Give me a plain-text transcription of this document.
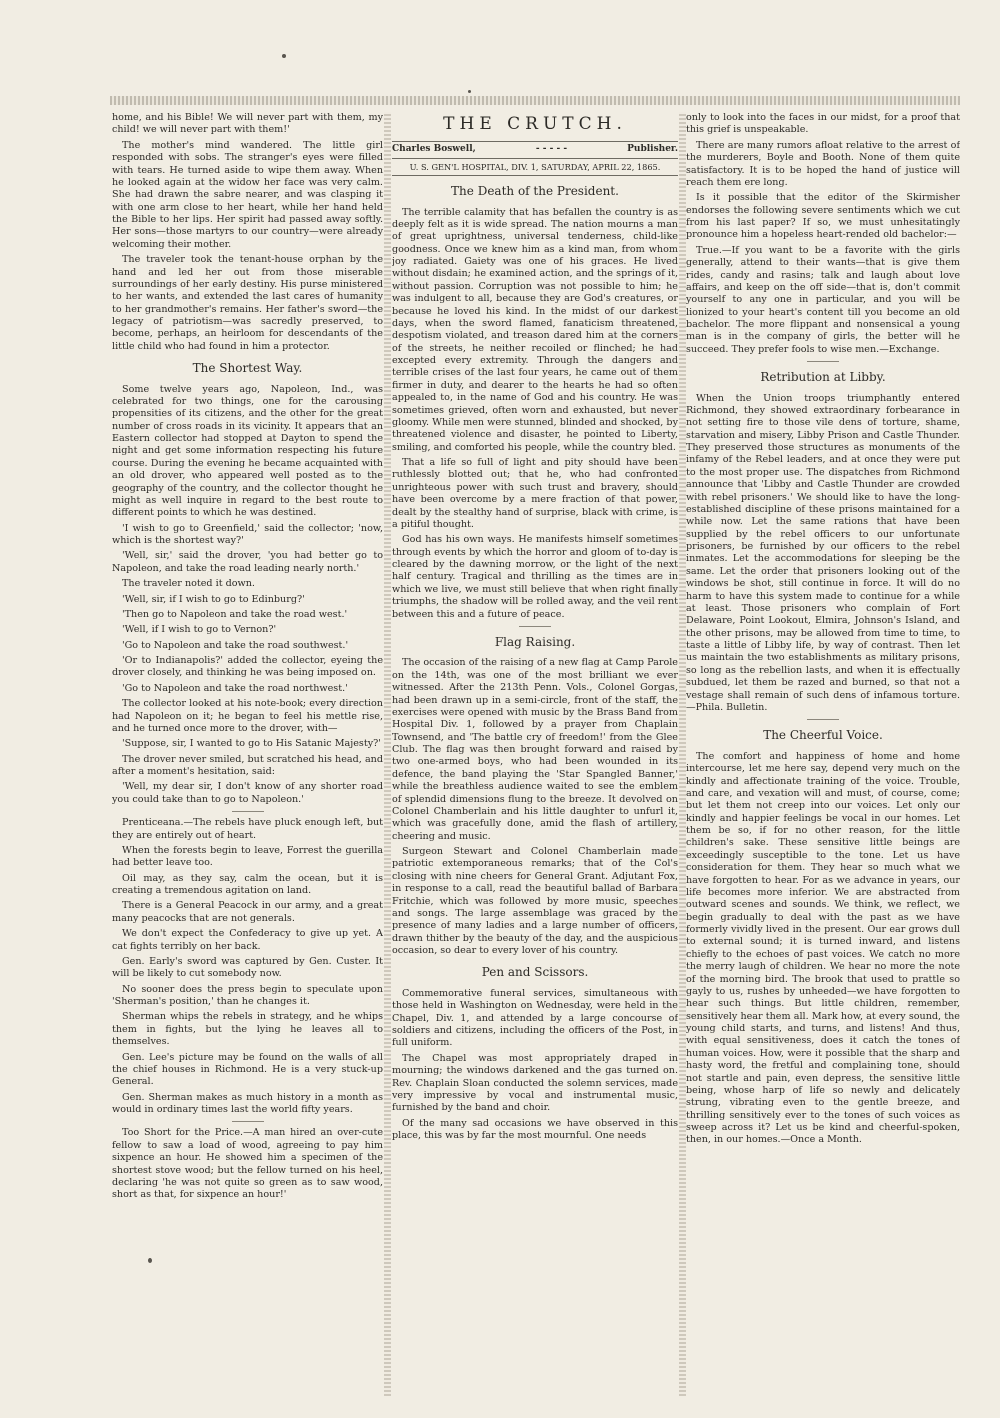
home, and his Bible! We will never part with them, my child! we will never part with them!'

The mother's mind wandered. The little girl responded with sobs. The stranger's eyes were filled with tears. He turned aside to wipe them away. When he looked again at the widow her face was very calm. She had drawn the sabre nearer, and was clasping it with one arm close to her heart, while her hand held the Bible to her lips. Her spirit had passed away softly. Her sons—those martyrs to our country—were already welcoming their mother.

The traveler took the tenant-house orphan by the hand and led her out from those miserable surroundings of her early destiny. His purse ministered to her wants, and extended the last cares of humanity to her grandmother's remains. Her father's sword—the legacy of patriotism—was sacredly preserved, to become, perhaps, an heirloom for descendants of the little child who had found in him a protector.

The Shortest Way.

Some twelve years ago, Napoleon, Ind., was celebrated for two things, one for the carousing propensities of its citizens, and the other for the great number of cross roads in its vicinity. It appears that an Eastern collector had stopped at Dayton to spend the night and get some information respecting his future course. During the evening he became acquainted with an old drover, who appeared well posted as to the geography of the country, and the collector thought he might as well inquire in regard to the best route to different points to which he was destined.

'I wish to go to Greenfield,' said the collector; 'now, which is the shortest way?'

'Well, sir,' said the drover, 'you had better go to Napoleon, and take the road leading nearly north.'

The traveler noted it down.

'Well, sir, if I wish to go to Edinburg?'

'Then go to Napoleon and take the road west.'

'Well, if I wish to go to Vernon?'

'Go to Napoleon and take the road southwest.'

'Or to Indianapolis?' added the collector, eyeing the drover closely, and thinking he was being imposed on.

'Go to Napoleon and take the road northwest.'

The collector looked at his note-book; every direction had Napoleon on it; he began to feel his mettle rise, and he turned once more to the drover, with—

'Suppose, sir, I wanted to go to His Satanic Majesty?'

The drover never smiled, but scratched his head, and after a moment's hesitation, said:

'Well, my dear sir, I don't know of any shorter road you could take than to go to Napoleon.'

Prenticeana.—The rebels have pluck enough left, but they are entirely out of heart.

When the forests begin to leave, Forrest the guerilla had better leave too.

Oil may, as they say, calm the ocean, but it is creating a tremendous agitation on land.

There is a General Peacock in our army, and a great many peacocks that are not generals.

We don't expect the Confederacy to give up yet. A cat fights terribly on her back.

Gen. Early's sword was captured by Gen. Custer. It will be likely to cut somebody now.

No sooner does the press begin to speculate upon 'Sherman's position,' than he changes it.

Sherman whips the rebels in strategy, and he whips them in fights, but the lying he leaves all to themselves.

Gen. Lee's picture may be found on the walls of all the chief houses in Richmond. He is a very stuck-up General.

Gen. Sherman makes as much history in a month as would in ordinary times last the world fifty years.

Too Short for the Price.—A man hired an over-cute fellow to saw a load of wood, agreeing to pay him sixpence an hour. He showed him a specimen of the shortest stove wood; but the fellow turned on his heel, declaring 'he was not quite so green as to saw wood, short as that, for sixpence an hour!'

THE CRUTCH.
Charles Boswell,	- - - - -	Publisher.
U. S. GEN'L HOSPITAL, DIV. 1, SATURDAY, APRIL 22, 1865.
The Death of the President.

The terrible calamity that has befallen the country is as deeply felt as it is wide spread. The nation mourns a man of great uprightness, universal tenderness, child-like goodness. Once we knew him as a kind man, from whom joy radiated. Gaiety was one of his graces. He lived without disdain; he examined action, and the springs of it, without passion. Corruption was not possible to him; he was indulgent to all, because they are God's creatures, or because he loved his kind. In the midst of our darkest days, when the sword flamed, fanaticism threatened, despotism violated, and treason dared him at the corners of the streets, he neither recoiled or flinched; he had excepted every extremity. Through the dangers and terrible crises of the last four years, he came out of them firmer in duty, and dearer to the hearts he had so often appealed to, in the name of God and his country. He was sometimes grieved, often worn and exhausted, but never gloomy. While men were stunned, blinded and shocked, by threatened violence and disaster, he pointed to Liberty, smiling, and comforted his people, while the country bled.

That a life so full of light and pity should have been ruthlessly blotted out; that he, who had confronted unrighteous power with such trust and bravery, should have been overcome by a mere fraction of that power, dealt by the stealthy hand of surprise, black with crime, is a pitiful thought.

God has his own ways. He manifests himself sometimes through events by which the horror and gloom of to-day is cleared by the dawning morrow, or the light of the next half century. Tragical and thrilling as the times are in which we live, we must still believe that when right finally triumphs, the shadow will be rolled away, and the veil rent between this and a future of peace.

Flag Raising.

The occasion of the raising of a new flag at Camp Parole on the 14th, was one of the most brilliant we ever witnessed. After the 213th Penn. Vols., Colonel Gorgas, had been drawn up in a semi-circle, front of the staff, the exercises were opened with music by the Brass Band from Hospital Div. 1, followed by a prayer from Chaplain Townsend, and 'The battle cry of freedom!' from the Glee Club. The flag was then brought forward and raised by two one-armed boys, who had been wounded in its defence, the band playing the 'Star Spangled Banner,' while the breathless audience waited to see the emblem of splendid dimensions flung to the breeze. It devolved on Colonel Chamberlain and his little daughter to unfurl it, which was gracefully done, amid the flash of artillery, cheering and music.

Surgeon Stewart and Colonel Chamberlain made patriotic extemporaneous remarks; that of the Col's closing with nine cheers for General Grant. Adjutant Fox, in response to a call, read the beautiful ballad of Barbara Fritchie, which was followed by more music, speeches and songs. The large assemblage was graced by the presence of many ladies and a large number of officers, drawn thither by the beauty of the day, and the auspicious occasion, so dear to every lover of his country.

Pen and Scissors.

Commemorative funeral services, simultaneous with those held in Washington on Wednesday, were held in the Chapel, Div. 1, and attended by a large concourse of soldiers and citizens, including the officers of the Post, in full uniform.

The Chapel was most appropriately draped in mourning; the windows darkened and the gas turned on. Rev. Chaplain Sloan conducted the solemn services, made very impressive by vocal and instrumental music, furnished by the band and choir.

Of the many sad occasions we have observed in this place, this was by far the most mournful. One needs

only to look into the faces in our midst, for a proof that this grief is unspeakable.

There are many rumors afloat relative to the arrest of the murderers, Boyle and Booth. None of them quite satisfactory. It is to be hoped the hand of justice will reach them ere long.

Is it possible that the editor of the Skirmisher endorses the following severe sentiments which we cut from his last paper? If so, we must unhesitatingly pronounce him a hopeless heart-rended old bachelor:—

True.—If you want to be a favorite with the girls generally, attend to their wants—that is give them rides, candy and rasins; talk and laugh about love affairs, and keep on the off side—that is, don't commit yourself to any one in particular, and you will be lionized to your heart's content till you become an old bachelor. The more flippant and nonsensical a young man is in the company of girls, the better will he succeed. They prefer fools to wise men.—Exchange.

Retribution at Libby.

When the Union troops triumphantly entered Richmond, they showed extraordinary forbearance in not setting fire to those vile dens of torture, shame, starvation and misery, Libby Prison and Castle Thunder. They preserved those structures as monuments of the infamy of the Rebel leaders, and at once they were put to the most proper use. The dispatches from Richmond announce that 'Libby and Castle Thunder are crowded with rebel prisoners.' We should like to have the long-established discipline of these prisons maintained for a while now. Let the same rations that have been supplied by the rebel officers to our unfortunate prisoners, be furnished by our officers to the rebel inmates. Let the accommodations for sleeping be the same. Let the order that prisoners looking out of the windows be shot, still continue in force. It will do no harm to have this system made to continue for a while at least. Those prisoners who complain of Fort Delaware, Point Lookout, Elmira, Johnson's Island, and the other prisons, may be allowed from time to time, to taste a little of Libby life, by way of contrast. Then let us maintain the two establishments as military prisons, so long as the rebellion lasts, and when it is effectually subdued, let them be razed and burned, so that not a vestage shall remain of such dens of infamous torture.—Phila. Bulletin.

The Cheerful Voice.

The comfort and happiness of home and home intercourse, let me here say, depend very much on the kindly and affectionate training of the voice. Trouble, and care, and vexation will and must, of course, come; but let them not creep into our voices. Let only our kindly and happier feelings be vocal in our homes. Let them be so, if for no other reason, for the little children's sake. These sensitive little beings are exceedingly susceptible to the tone. Let us have consideration for them. They hear so much what we have forgotten to hear. For as we advance in years, our life becomes more inferior. We are abstracted from outward scenes and sounds. We think, we reflect, we begin gradually to deal with the past as we have formerly vividly lived in the present. Our ear grows dull to external sound; it is turned inward, and listens chiefly to the echoes of past voices. We catch no more the merry laugh of children. We hear no more the note of the morning bird. The brook that used to prattle so gayly to us, rushes by unheeded—we have forgotten to hear such things. But little children, remember, sensitively hear them all. Mark how, at every sound, the young child starts, and turns, and listens! And thus, with equal sensitiveness, does it catch the tones of human voices. How, were it possible that the sharp and hasty word, the fretful and complaining tone, should not startle and pain, even depress, the sensitive little being, whose harp of life so newly and delicately strung, vibrating even to the gentle breeze, and thrilling sensitively ever to the tones of such voices as sweep across it? Let us be kind and cheerful-spoken, then, in our homes.—Once a Month.
